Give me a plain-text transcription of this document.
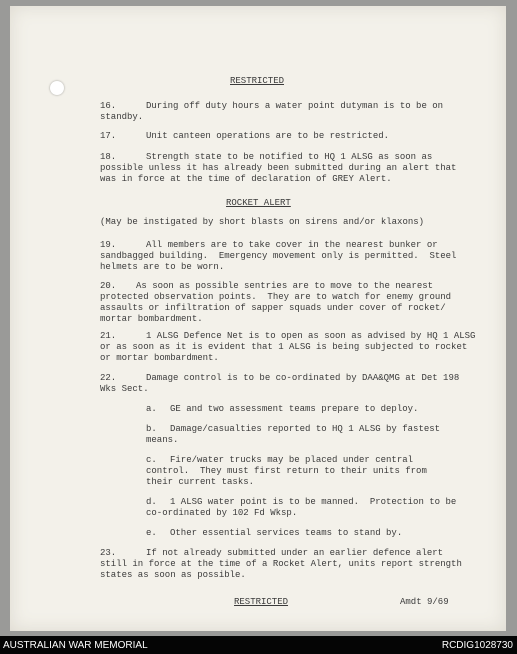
RESTRICTED
16.	During off duty hours a water point dutyman is to be on
standby.
17.	Unit canteen operations are to be restricted.
18.	Strength state to be notified to HQ 1 ALSG as soon as
possible unless it has already been submitted during an alert that
was in force at the time of declaration of GREY Alert.
ROCKET ALERT
(May be instigated by short blasts on sirens and/or klaxons)
19.	All members are to take cover in the nearest bunker or
sandbagged building.  Emergency movement only is permitted.  Steel
helmets are to be worn.
20. As soon as possible sentries are to move to the nearest
protected observation points.  They are to watch for enemy ground
assaults or infiltration of sapper squads under cover of rocket/
mortar bombardment.
21.	1 ALSG Defence Net is to open as soon as advised by HQ 1 ALSG
or as soon as it is evident that 1 ALSG is being subjected to rocket
or mortar bombardment.
22.	Damage control is to be co-ordinated by DAA&QMG at Det 198
Wks Sect.
a. GE and two assessment teams prepare to deploy.
b. Damage/casualties reported to HQ 1 ALSG by fastest
means.
c. Fire/water trucks may be placed under central
control.  They must first return to their units from
their current tasks.
d. 1 ALSG water point is to be manned.  Protection to be
co-ordinated by 102 Fd Wksp.
e. Other essential services teams to stand by.
23.	If not already submitted under an earlier defence alert
still in force at the time of a Rocket Alert, units report strength
states as soon as possible.
RESTRICTED	Amdt 9/69
AUSTRALIAN WAR MEMORIAL	RCDIG1028730
